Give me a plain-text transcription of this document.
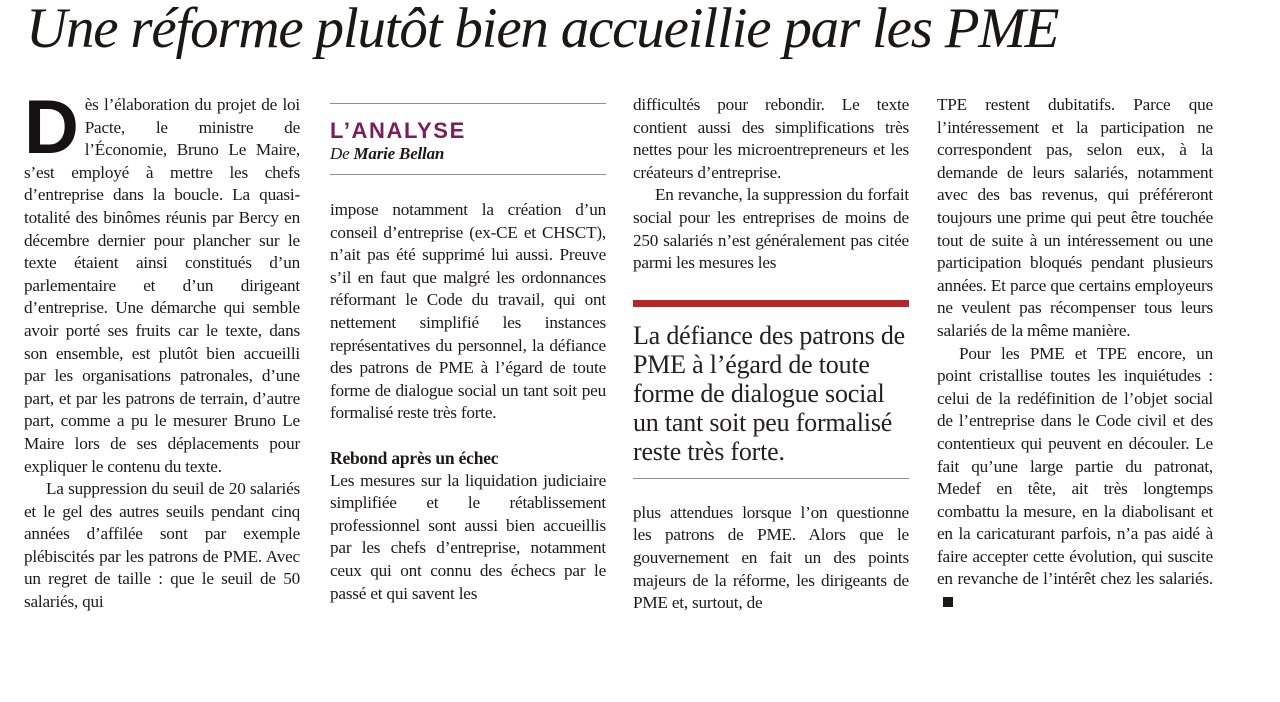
Une réforme plutôt bien accueillie par les PME

Dès l’élaboration du projet de loi Pacte, le ministre de l’Économie, Bruno Le Maire, s’est employé à mettre les chefs d’entreprise dans la boucle. La quasi-totalité des binômes réunis par Bercy en décembre dernier pour plancher sur le texte étaient ainsi constitués d’un parlementaire et d’un dirigeant d’entreprise. Une démarche qui semble avoir porté ses fruits car le texte, dans son ensemble, est plutôt bien accueilli par les organisations patronales, d’une part, et par les patrons de terrain, d’autre part, comme a pu le mesurer Bruno Le Maire lors de ses déplacements pour expliquer le contenu du texte.

La suppression du seuil de 20 salariés et le gel des autres seuils pendant cinq années d’affilée sont par exemple plébiscités par les patrons de PME. Avec un regret de taille : que le seuil de 50 salariés, qui

L’ANALYSE
De Marie Bellan

impose notamment la création d’un conseil d’entreprise (ex-CE et CHSCT), n’ait pas été supprimé lui aussi. Preuve s’il en faut que malgré les ordonnances réformant le Code du travail, qui ont nettement simplifié les instances représentatives du personnel, la défiance des patrons de PME à l’égard de toute forme de dialogue social un tant soit peu formalisé reste très forte.

Rebond après un échec

Les mesures sur la liquidation judiciaire simplifiée et le rétablissement professionnel sont aussi bien accueillis par les chefs d’entreprise, notamment ceux qui ont connu des échecs par le passé et qui savent les

difficultés pour rebondir. Le texte contient aussi des simplifications très nettes pour les microentrepreneurs et les créateurs d’entreprise.

En revanche, la suppression du forfait social pour les entreprises de moins de 250 salariés n’est généralement pas citée parmi les mesures les

La défiance des patrons de PME à l’égard de toute forme de dialogue social un tant soit peu formalisé reste très forte.

plus attendues lorsque l’on questionne les patrons de PME. Alors que le gouvernement en fait un des points majeurs de la réforme, les dirigeants de PME et, surtout, de

TPE restent dubitatifs. Parce que l’intéressement et la participation ne correspondent pas, selon eux, à la demande de leurs salariés, notamment avec des bas revenus, qui préféreront toujours une prime qui peut être touchée tout de suite à un intéressement ou une participation bloqués pendant plusieurs années. Et parce que certains employeurs ne veulent pas récompenser tous leurs salariés de la même manière.

Pour les PME et TPE encore, un point cristallise toutes les inquiétudes : celui de la redéfinition de l’objet social de l’entreprise dans le Code civil et des contentieux qui peuvent en découler. Le fait qu’une large partie du patronat, Medef en tête, ait très longtemps combattu la mesure, en la diabolisant et en la caricaturant parfois, n’a pas aidé à faire accepter cette évolution, qui suscite en revanche de l’intérêt chez les salariés.
